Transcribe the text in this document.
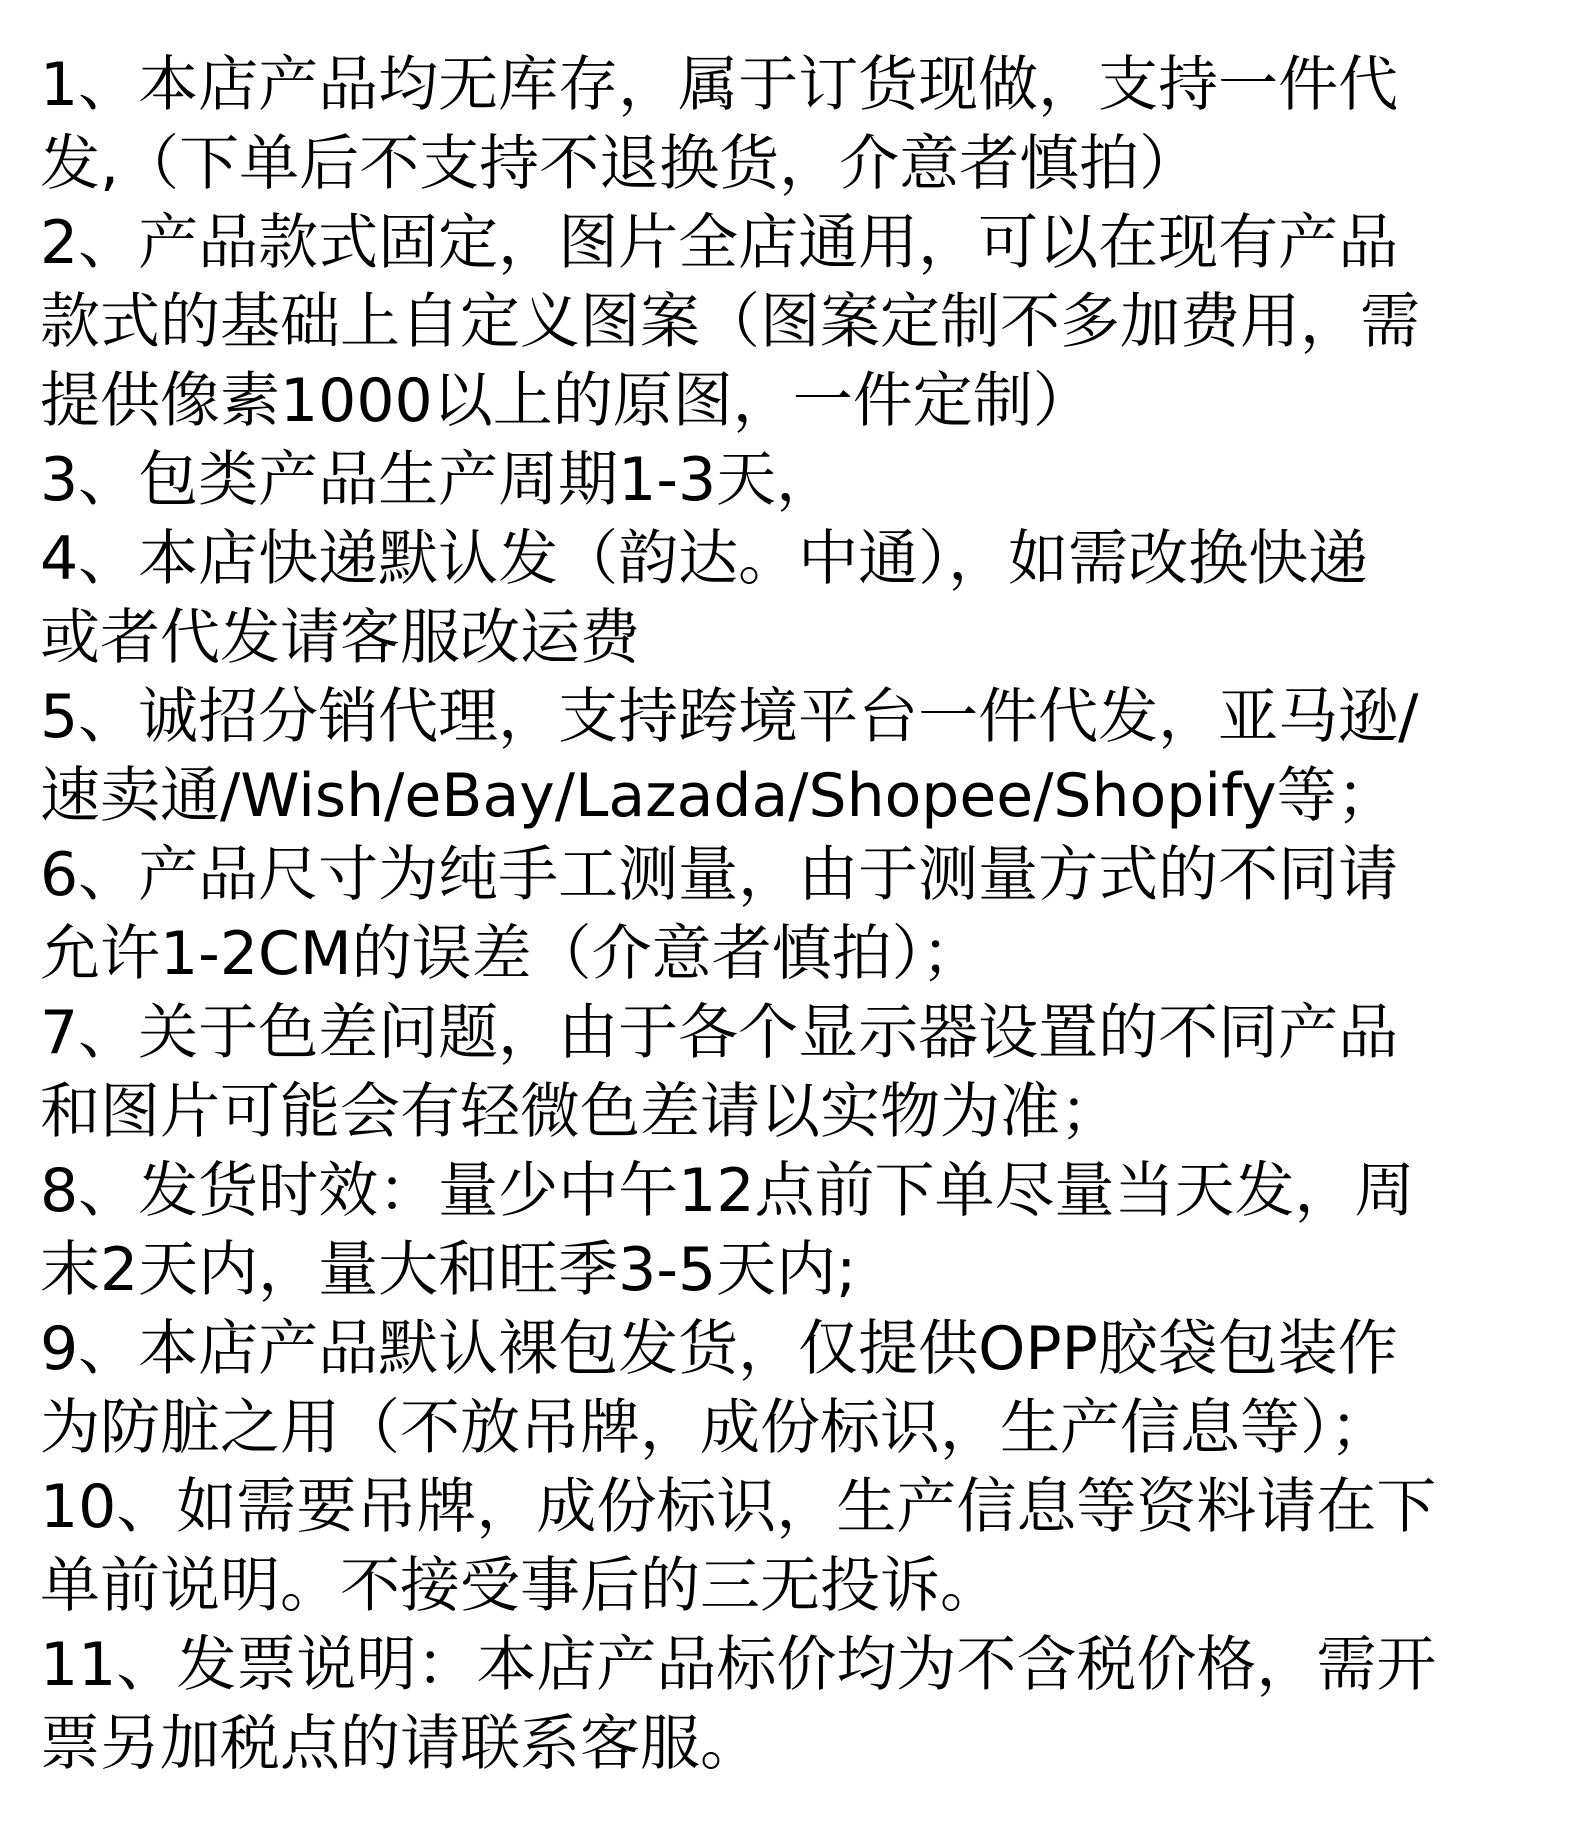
1、本店产品均无库存，属于订货现做，支持一件代
发,（下单后不支持不退换货，介意者慎拍）
2、产品款式固定，图片全店通用，可以在现有产品
款式的基础上自定义图案（图案定制不多加费用，需
提供像素1000以上的原图，一件定制）
3、包类产品生产周期1-3天，
4、本店快递默认发（韵达。中通），如需改换快递
或者代发请客服改运费
5、诚招分销代理，支持跨境平台一件代发，亚马逊/
速卖通/Wish/eBay/Lazada/Shopee/Shopify等；
6、产品尺寸为纯手工测量，由于测量方式的不同请
允许1-2CM的误差（介意者慎拍）；
7、关于色差问题，由于各个显示器设置的不同产品
和图片可能会有轻微色差请以实物为准；
8、发货时效：量少中午12点前下单尽量当天发，周
末2天内，量大和旺季3-5天内;
9、本店产品默认裸包发货，仅提供OPP胶袋包装作
为防脏之用（不放吊牌，成份标识，生产信息等）；
10、如需要吊牌，成份标识，生产信息等资料请在下
单前说明。不接受事后的三无投诉。
11、发票说明：本店产品标价均为不含税价格，需开
票另加税点的请联系客服。
